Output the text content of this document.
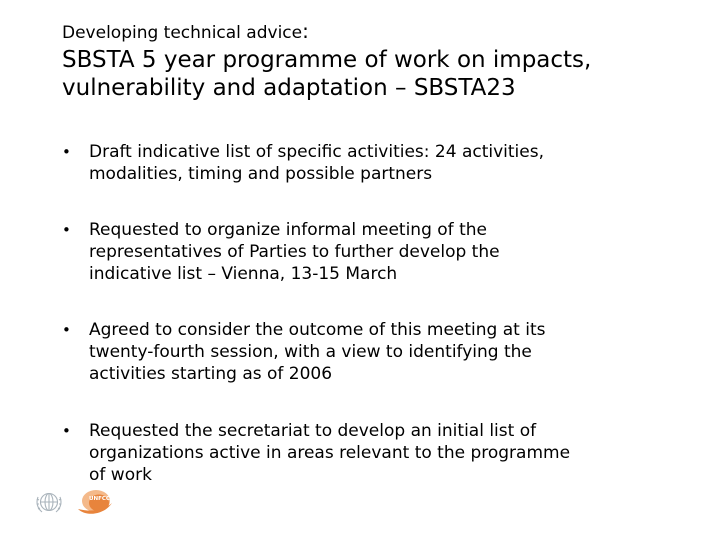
Developing technical advice:
SBSTA 5 year programme of work on impacts,
vulnerability and adaptation – SBSTA23
• Draft indicative list of specific activities: 24 activities,
modalities, timing and possible partners
• Requested to organize informal meeting of the
representatives of Parties to further develop the
indicative list – Vienna, 13-15 March
• Agreed to consider the outcome of this meeting at its
twenty-fourth session, with a view to identifying the
activities starting as of 2006
• Requested the secretariat to develop an initial list of
organizations active in areas relevant to the programme
of work
UNFCCC
